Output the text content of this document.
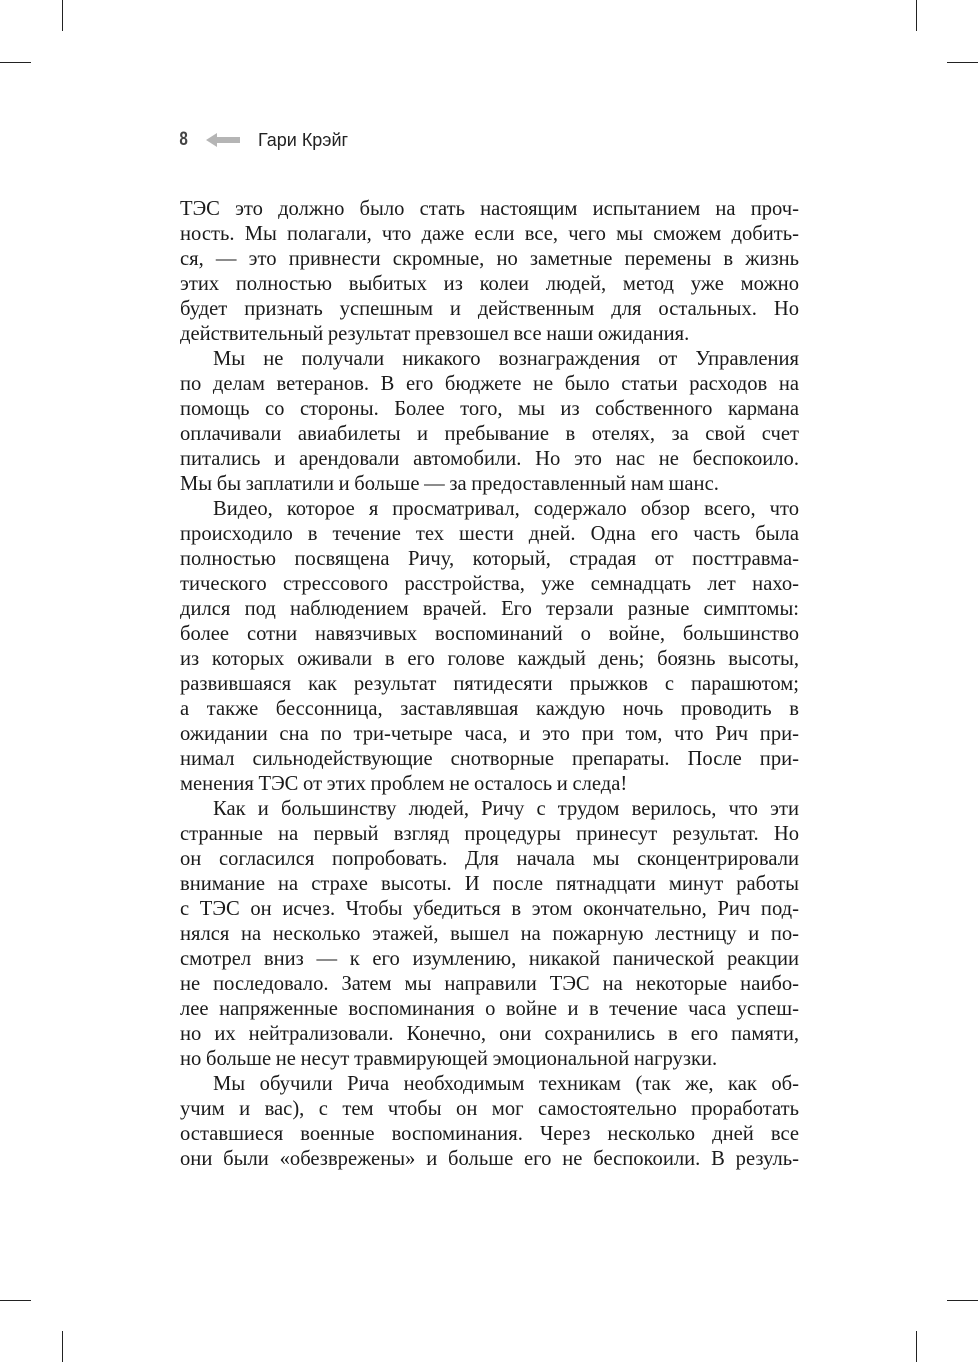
8	Гари Крэйг
ТЭС это должно было стать настоящим испытанием на проч-
ность. Мы полагали, что даже если все, чего мы сможем добить-
ся, — это привнести скромные, но заметные перемены в жизнь
этих полностью выбитых из колеи людей, метод уже можно
будет признать успешным и действенным для остальных. Но
действительный результат превзошел все наши ожидания.
Мы не получали никакого вознаграждения от Управления
по делам ветеранов. В его бюджете не было статьи расходов на
помощь со стороны. Более того, мы из собственного кармана
оплачивали авиабилеты и пребывание в отелях, за свой счет
питались и арендовали автомобили. Но это нас не беспокоило.
Мы бы заплатили и больше — за предоставленный нам шанс.
Видео, которое я просматривал, содержало обзор всего, что
происходило в течение тех шести дней. Одна его часть была
полностью посвящена Ричу, который, страдая от посттравма-
тического стрессового расстройства, уже семнадцать лет нахо-
дился под наблюдением врачей. Его терзали разные симптомы:
более сотни навязчивых воспоминаний о войне, большинство
из которых оживали в его голове каждый день; боязнь высоты,
развившаяся как результат пятидесяти прыжков с парашютом;
а также бессонница, заставлявшая каждую ночь проводить в
ожидании сна по три-четыре часа, и это при том, что Рич при-
нимал сильнодействующие снотворные препараты. После при-
менения ТЭС от этих проблем не осталось и следа!
Как и большинству людей, Ричу с трудом верилось, что эти
странные на первый взгляд процедуры принесут результат. Но
он согласился попробовать. Для начала мы сконцентрировали
внимание на страхе высоты. И после пятнадцати минут работы
с ТЭС он исчез. Чтобы убедиться в этом окончательно, Рич под-
нялся на несколько этажей, вышел на пожарную лестницу и по-
смотрел вниз — к его изумлению, никакой панической реакции
не последовало. Затем мы направили ТЭС на некоторые наибо-
лее напряженные воспоминания о войне и в течение часа успеш-
но их нейтрализовали. Конечно, они сохранились в его памяти,
но больше не несут травмирующей эмоциональной нагрузки.
Мы обучили Рича необходимым техникам (так же, как об-
учим и вас), с тем чтобы он мог самостоятельно проработать
оставшиеся военные воспоминания. Через несколько дней все
они были «обезврежены» и больше его не беспокоили. В резуль-
